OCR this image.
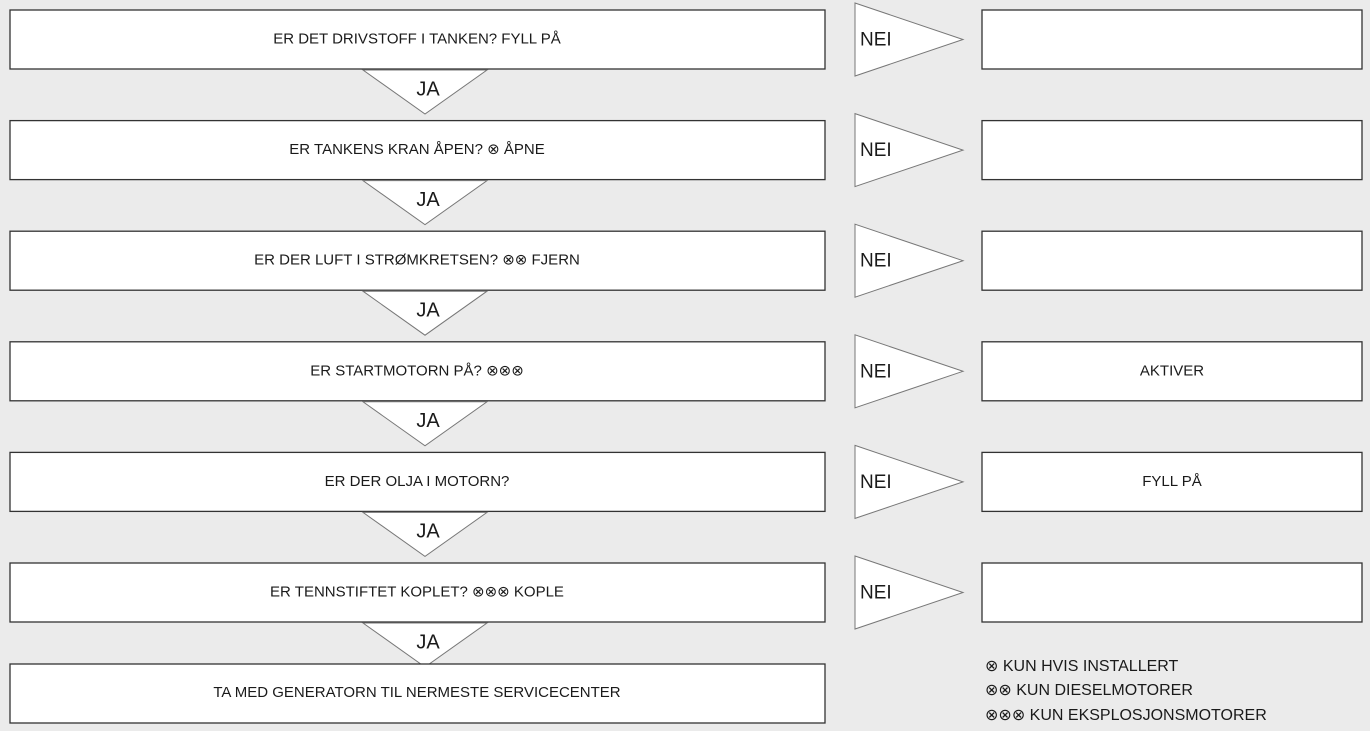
ER DET DRIVSTOFF I TANKEN? FYLL PÅ	NEI
JA
ER TANKENS KRAN ÅPEN? ⊗ ÅPNE	NEI
JA
ER DER LUFT I STRØMKRETSEN? ⊗⊗ FJERN	NEI
JA
ER STARTMOTORN PÅ? ⊗⊗⊗	NEI	AKTIVER
JA
ER DER OLJA I MOTORN?	NEI	FYLL PÅ
JA
ER TENNSTIFTET KOPLET? ⊗⊗⊗ KOPLE	NEI
JA
TA MED GENERATORN TIL NERMESTE SERVICECENTER
⊗ KUN HVIS INSTALLERT
⊗⊗ KUN DIESELMOTORER
⊗⊗⊗ KUN EKSPLOSJONSMOTORER
